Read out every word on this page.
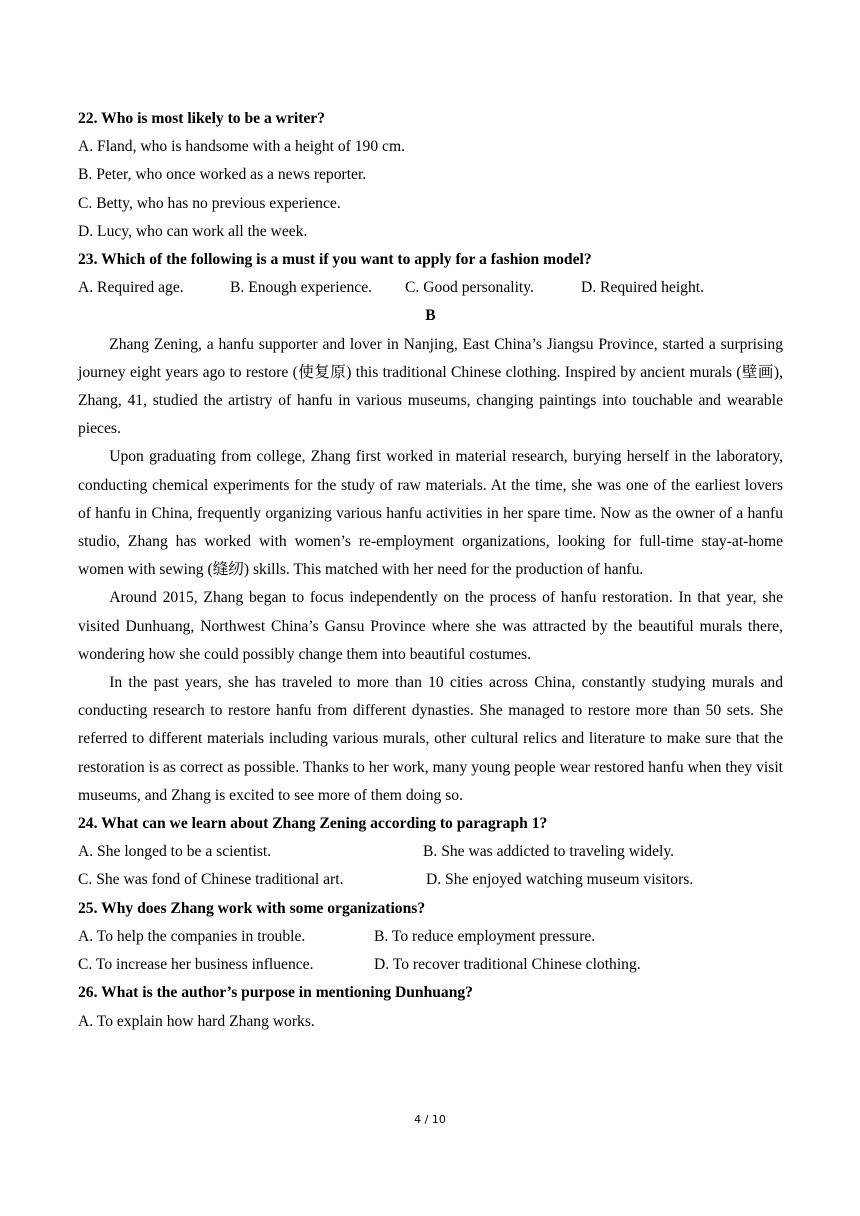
22. Who is most likely to be a writer?
A. Fland, who is handsome with a height of 190 cm.
B. Peter, who once worked as a news reporter.
C. Betty, who has no previous experience.
D. Lucy, who can work all the week.
23. Which of the following is a must if you want to apply for a fashion model?
A. Required age.	B. Enough experience.	C. Good personality.	D. Required height.
B

Zhang Zening, a hanfu supporter and lover in Nanjing, East China’s Jiangsu Province, started a surprising journey eight years ago to restore (使复原) this traditional Chinese clothing. Inspired by ancient murals (壁画), Zhang, 41, studied the artistry of hanfu in various museums, changing paintings into touchable and wearable pieces.

Upon graduating from college, Zhang first worked in material research, burying herself in the laboratory, conducting chemical experiments for the study of raw materials. At the time, she was one of the earliest lovers of hanfu in China, frequently organizing various hanfu activities in her spare time. Now as the owner of a hanfu studio, Zhang has worked with women’s re-employment organizations, looking for full-time stay-at-home women with sewing (缝纫) skills. This matched with her need for the production of hanfu.

Around 2015, Zhang began to focus independently on the process of hanfu restoration. In that year, she visited Dunhuang, Northwest China’s Gansu Province where she was attracted by the beautiful murals there, wondering how she could possibly change them into beautiful costumes.

In the past years, she has traveled to more than 10 cities across China, constantly studying murals and conducting research to restore hanfu from different dynasties. She managed to restore more than 50 sets. She referred to different materials including various murals, other cultural relics and literature to make sure that the restoration is as correct as possible. Thanks to her work, many young people wear restored hanfu when they visit museums, and Zhang is excited to see more of them doing so.

24. What can we learn about Zhang Zening according to paragraph 1?
A. She longed to be a scientist.	B. She was addicted to traveling widely.
C. She was fond of Chinese traditional art.	D. She enjoyed watching museum visitors.
25. Why does Zhang work with some organizations?
A. To help the companies in trouble.	B. To reduce employment pressure.
C. To increase her business influence.	D. To recover traditional Chinese clothing.
26. What is the author’s purpose in mentioning Dunhuang?
A. To explain how hard Zhang works.
4 / 10
